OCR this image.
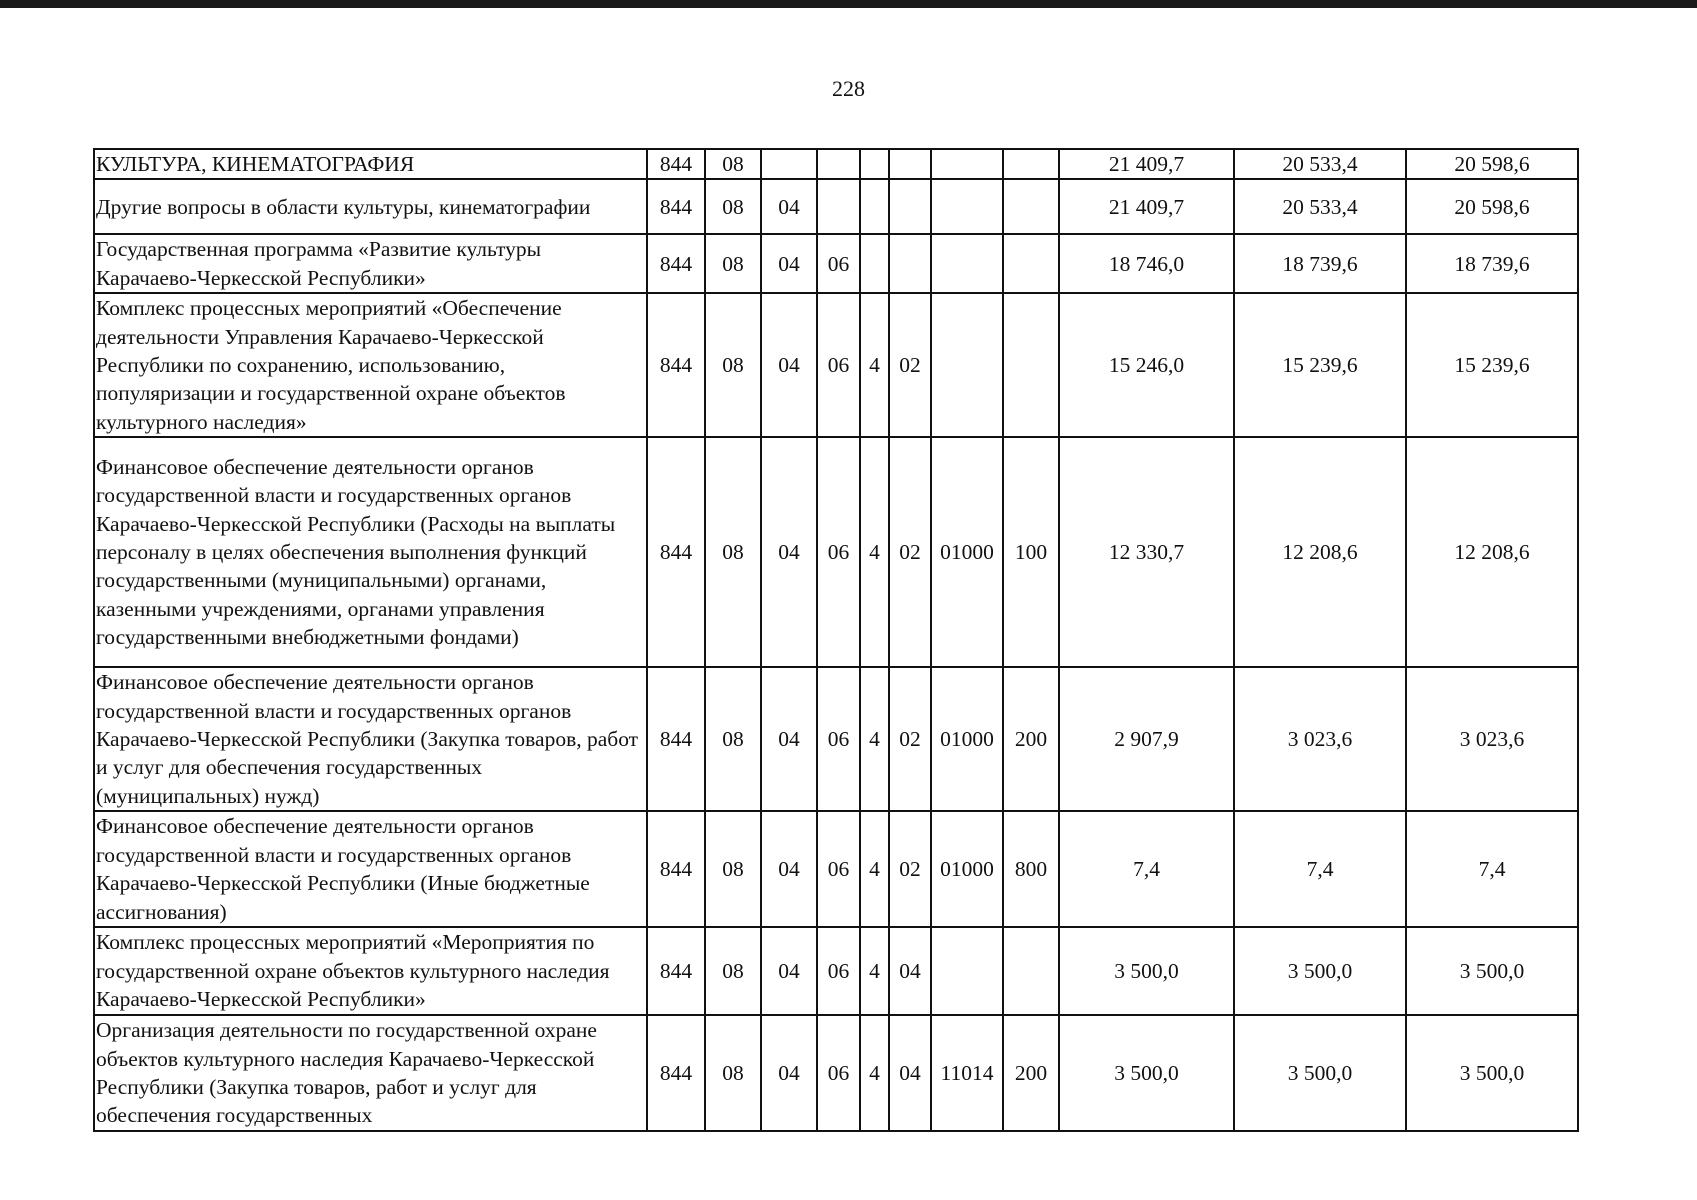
228
КУЛЬТУРА, КИНЕМАТОГРАФИЯ	844	08							21 409,7	20 533,4	20 598,6
Другие вопросы в области культуры, кинематографии	844	08	04						21 409,7	20 533,4	20 598,6
Государственная программа «Развитие культуры Карачаево-Черкесской Республики»	844	08	04	06					18 746,0	18 739,6	18 739,6
Комплекс процессных мероприятий «Обеспечение деятельности Управления Карачаево-Черкесской Республики по сохранению, использованию, популяризации и государственной охране объектов культурного наследия»	844	08	04	06	4	02			15 246,0	15 239,6	15 239,6
Финансовое обеспечение деятельности органов государственной власти и государственных органов Карачаево-Черкесской Республики (Расходы на выплаты персоналу в целях обеспечения выполнения функций государственными (муниципальными) органами, казенными учреждениями, органами управления государственными внебюджетными фондами)	844	08	04	06	4	02	01000	100	12 330,7	12 208,6	12 208,6
Финансовое обеспечение деятельности органов государственной власти и государственных органов Карачаево-Черкесской Республики (Закупка товаров, работ и услуг для обеспечения государственных (муниципальных) нужд)	844	08	04	06	4	02	01000	200	2 907,9	3 023,6	3 023,6
Финансовое обеспечение деятельности органов государственной власти и государственных органов Карачаево-Черкесской Республики (Иные бюджетные ассигнования)	844	08	04	06	4	02	01000	800	7,4	7,4	7,4
Комплекс процессных мероприятий «Мероприятия по государственной охране объектов культурного наследия Карачаево-Черкесской Республики»	844	08	04	06	4	04			3 500,0	3 500,0	3 500,0
Организация деятельности по государственной охране объектов культурного наследия Карачаево-Черкесской Республики (Закупка товаров, работ и услуг для обеспечения государственных	844	08	04	06	4	04	11014	200	3 500,0	3 500,0	3 500,0
